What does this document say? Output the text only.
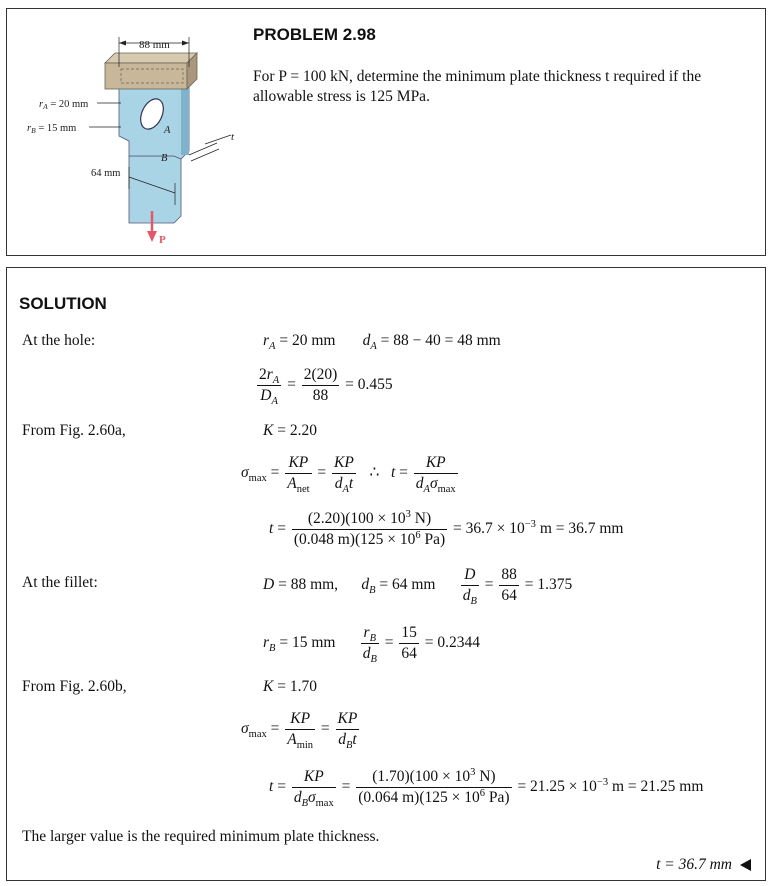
88 mm
rA = 20 mm
rB = 15 mm	A
B
t
64 mm
P
PROBLEM 2.98
For P = 100 kN, determine the minimum plate thickness t required if the allowable stress is 125 MPa.
SOLUTION
At the hole:	$r_A = 20$ mm       $d_A = 88 - 40 = 48$ mm
$\frac{2r_A}{D_A} = \frac{2(20)}{88} = 0.455$
From Fig. 2.60a,	K = 2.20
$\sigma_{max} = \frac{KP}{A_{net}} = \frac{KP}{d_At}$ ∴   $t = \frac{KP}{d_A\sigma_{max}}$
$t = \frac{(2.20)(100 \times 10^3 N)}{(0.048 m)(125 \times 10^6 Pa)} = 36.7 \times 10^{-3}$ m = 36.7 mm
At the fillet:	D = 88 mm,      $d_B = 64$ mm $\frac{D}{d_B} = \frac{88}{64} = 1.375$
$r_B = 15$ mm $\frac{r_B}{d_B} = \frac{15}{64} = 0.2344$
From Fig. 2.60b,	K = 1.70
$\sigma_{max} = \frac{KP}{A_{min}} = \frac{KP}{d_Bt}$
$t = \frac{KP}{d_B\sigma_{max}} = \frac{(1.70)(100 \times 10^3 N)}{(0.064 m)(125 \times 10^6 Pa)} = 21.25 \times 10^{-3}$ m = 21.25 mm
The larger value is the required minimum plate thickness.
t = 36.7 mm
